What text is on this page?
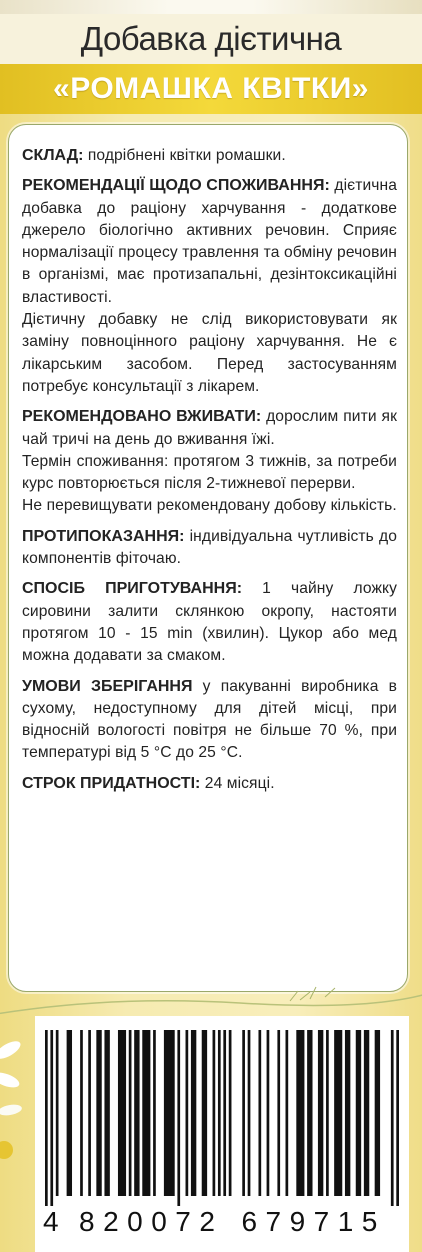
Добавка дієтична
«РОМАШКА КВІТКИ»

СКЛАД: подрібнені квітки ромашки.

РЕКОМЕНДАЦІЇ ЩОДО СПОЖИВАННЯ: дієтична добавка до раціону харчування - додаткове джерело біологічно активних речовин. Сприяє нормалізації процесу травлення та обміну речовин в організмі, має протизапальні, дезінтоксикаційні властивості.

Дієтичну добавку не слід використовувати як заміну повноцінного раціону харчування. Не є лікарським засобом. Перед застосуванням потребує консультації з лікарем.

РЕКОМЕНДОВАНО ВЖИВАТИ: дорослим пити як чай тричі на день до вживання їжі.

Термін споживання: протягом 3 тижнів, за потреби курс повторюється після 2-тижневої перерви.

Не перевищувати рекомендовану добову кількість.

ПРОТИПОКАЗАННЯ: індивідуальна чутливість до компонентів фіточаю.

СПОСІБ ПРИГОТУВАННЯ: 1 чайну ложку сировини залити склянкою окропу, настояти протягом 10 - 15 min (хвилин). Цукор або мед можна додавати за смаком.

УМОВИ ЗБЕРІГАННЯ у пакуванні виробника в сухому, недоступному для дітей місці, при відносній вологості повітря не більше 70 %, при температурі від 5 °С до 25 °С.

СТРОК ПРИДАТНОСТІ: 24 місяці.

4 820072 679715
